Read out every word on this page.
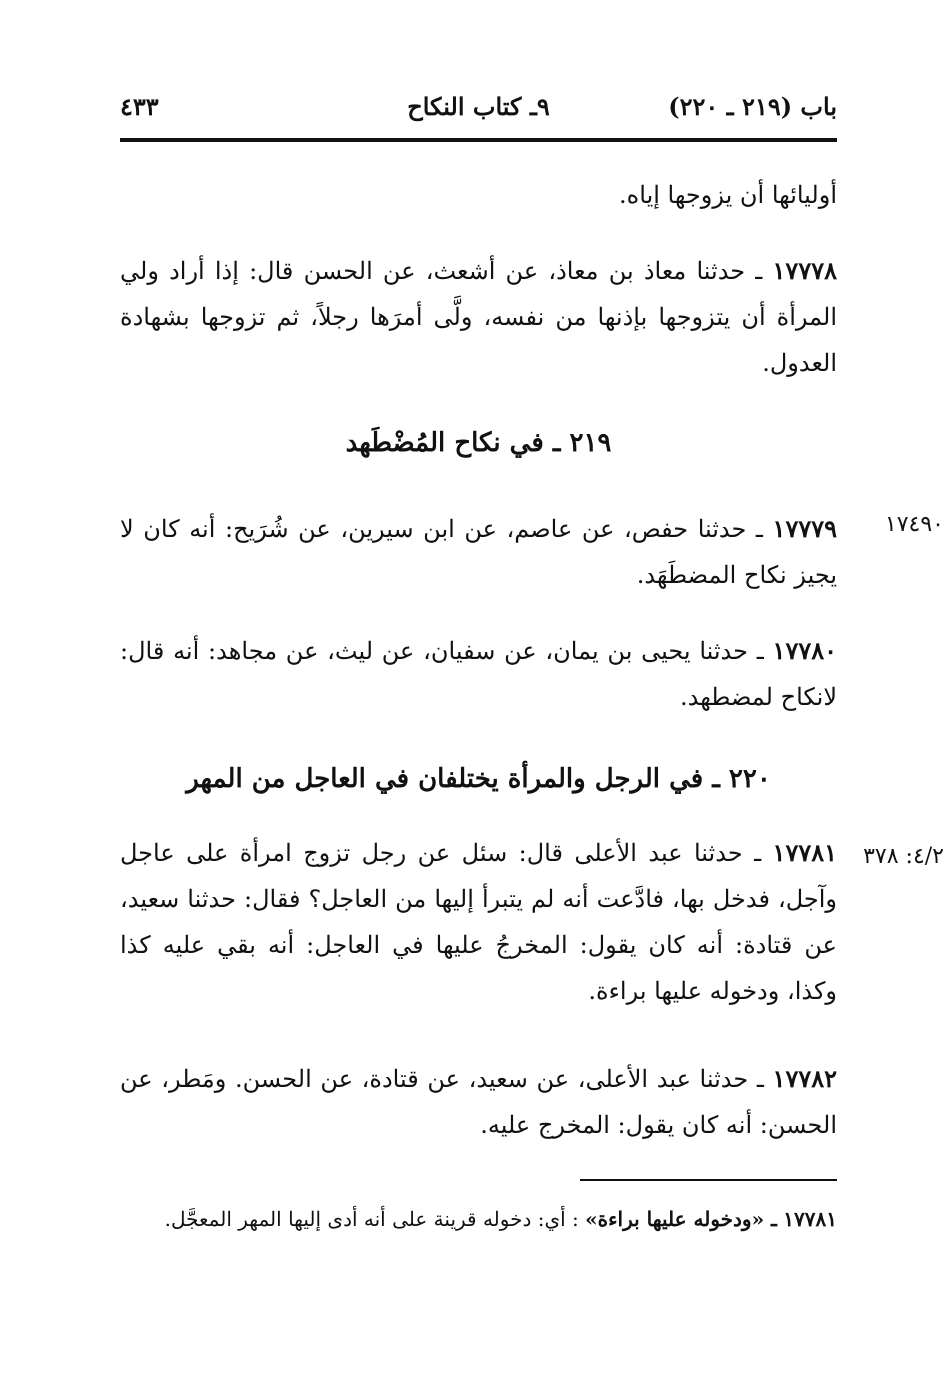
باب (٢١٩ ـ ٢٢٠)
٩ـ كتاب النكاح
٤٣٣
أوليائها أن يزوجها إياه.
١٧٧٧٨ ـ حدثنا معاذ بن معاذ، عن أشعث، عن الحسن قال: إذا أراد ولي المرأة أن يتزوجها بإذنها من نفسه، ولَّى أمرَها رجلاً، ثم تزوجها بشهادة العدول.
٢١٩ ـ في نكاح المُضْطَهد
١٧٤٩٠
١٧٧٧٩ ـ حدثنا حفص، عن عاصم، عن ابن سيرين، عن شُرَيح: أنه كان لا يجيز نكاح المضطَهَد.
١٧٧٨٠ ـ حدثنا يحيى بن يمان، عن سفيان، عن ليث، عن مجاهد: أنه قال: لانكاح لمضطهد.
٢٢٠ ـ في الرجل والمرأة يختلفان في العاجل من المهر
٤/٢: ٣٧٨
١٧٧٨١ ـ حدثنا عبد الأعلى قال: سئل عن رجل تزوج امرأة على عاجل وآجل، فدخل بها، فادَّعت أنه لم يتبرأ إليها من العاجل؟ فقال: حدثنا سعيد، عن قتادة: أنه كان يقول: المخرجُ عليها في العاجل: أنه بقي عليه كذا وكذا، ودخوله عليها براءة.
١٧٧٨٢ ـ حدثنا عبد الأعلى، عن سعيد، عن قتادة، عن الحسن. ومَطر، عن الحسن: أنه كان يقول: المخرج عليه.
١٧٧٨١ ـ «ودخوله عليها براءة» : أي: دخوله قرينة على أنه أدى إليها المهر المعجَّل.
